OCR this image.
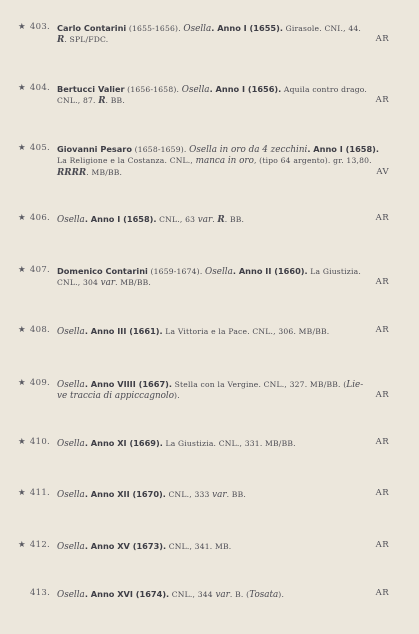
★ 403. Carlo Contarini (1655-1656). Osella. Anno I (1655). Girasole. CNI., 44.
R. SPL/FDC.	AR
★ 404. Bertucci Valier (1656-1658). Osella. Anno I (1656). Aquila contro drago.
CNL., 87. R. BB.	AR
★ 405. Giovanni Pesaro (1658-1659). Osella in oro da 4 zecchini. Anno I (1658).
La Religione e la Costanza. CNL., manca in oro, (tipo 64 argento). gr. 13,80.
RRRR. MB/BB.	AV
★ 406. Osella. Anno I (1658). CNL., 63 var. R. BB.	AR
★ 407. Domenico Contarini (1659-1674). Osella. Anno II (1660). La Giustizia.
CNL., 304 var. MB/BB.	AR
★ 408. Osella. Anno III (1661). La Vittoria e la Pace. CNL., 306. MB/BB.	AR
★ 409. Osella. Anno VIIII (1667). Stella con la Vergine. CNL., 327. MB/BB. (Lie-
ve traccia di appiccagnolo).	AR
★ 410. Osella. Anno XI (1669). La Giustizia. CNL., 331. MB/BB.	AR
★ 411. Osella. Anno XII (1670). CNL., 333 var. BB.	AR
★ 412. Osella. Anno XV (1673). CNL., 341. MB.	AR
413. Osella. Anno XVI (1674). CNL., 344 var. B. (Tosata).	AR
